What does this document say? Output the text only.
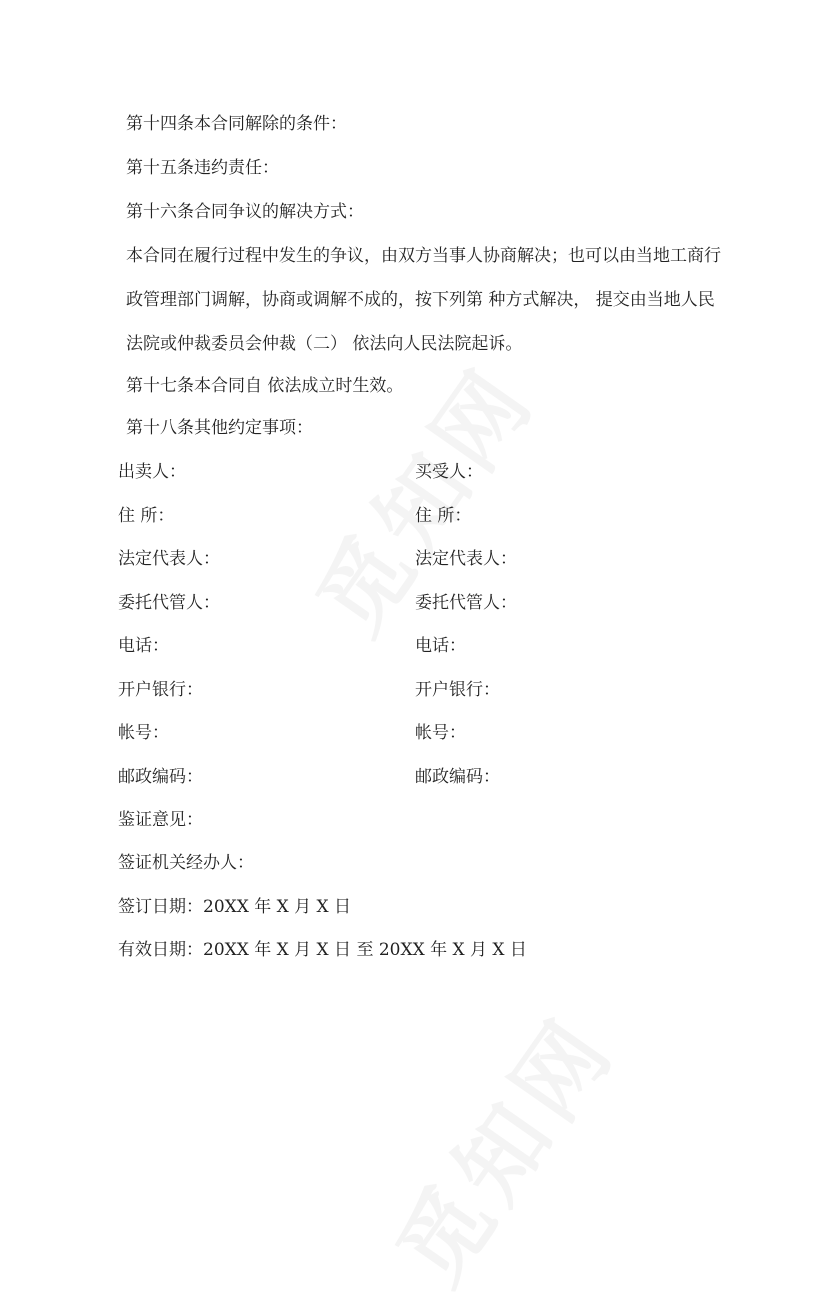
第十四条本合同解除的条件：
第十五条违约责任：
第十六条合同争议的解决方式：
本合同在履行过程中发生的争议，由双方当事人协商解决；也可以由当地工商行
政管理部门调解，协商或调解不成的，按下列第 种方式解决， 提交由当地人民
法院或仲裁委员会仲裁（二） 依法向人民法院起诉。
第十七条本合同自 依法成立时生效。
第十八条其他约定事项：
出卖人：	买受人：
住 所：	住 所：
法定代表人：	法定代表人：
委托代管人：	委托代管人：
电话：	电话：
开户银行：	开户银行：
帐号：	帐号：
邮政编码：	邮政编码：
鉴证意见：
签证机关经办人：
签订日期：20XX 年 X 月 X 日
有效日期：20XX 年 X 月 X 日 至 20XX 年 X 月 X 日
